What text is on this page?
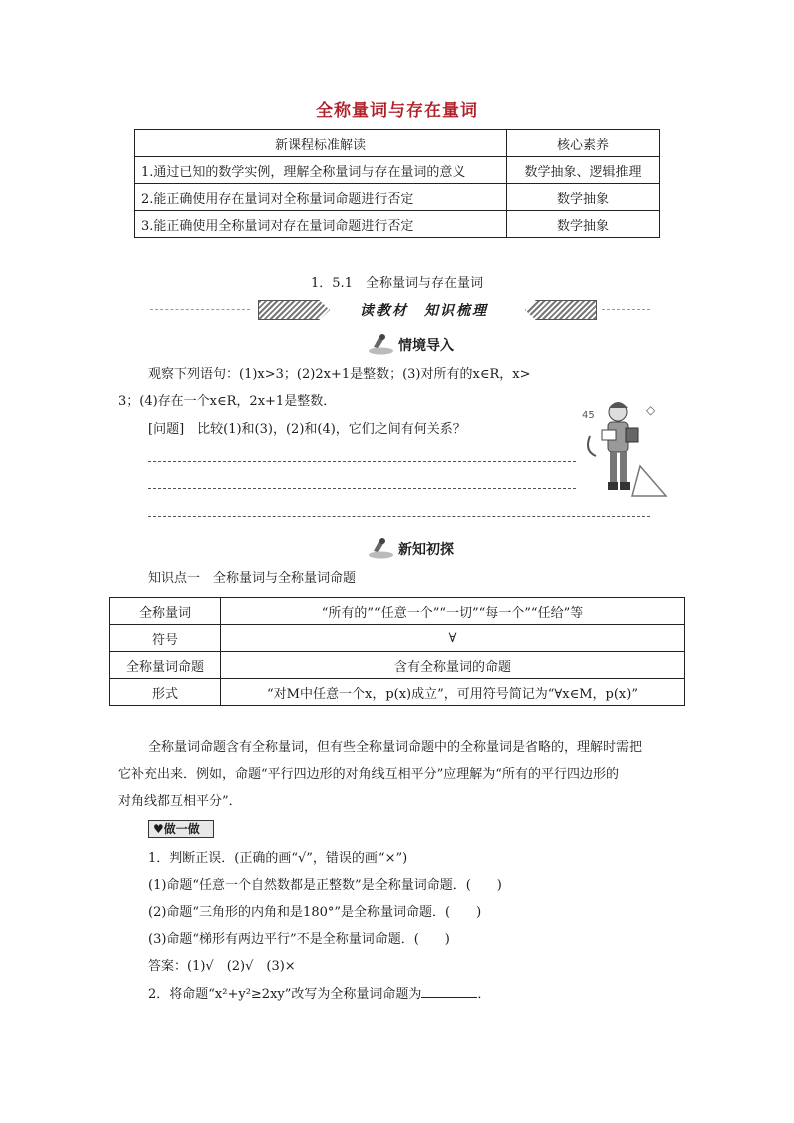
全称量词与存在量词
新课程标准解读	核心素养
1.通过已知的数学实例，理解全称量词与存在量词的意义	数学抽象、逻辑推理
2.能正确使用存在量词对全称量词命题进行否定	数学抽象
3.能正确使用全称量词对存在量词命题进行否定	数学抽象
1．5.1　全称量词与存在量词
读教材　知识梳理
情境导入
观察下列语句：(1)x>3；(2)2x+1是整数；(3)对所有的x∈R，x>
3；(4)存在一个x∈R，2x+1是整数．
[问题]　比较(1)和(3)，(2)和(4)，它们之间有何关系？
45	◇
新知初探
知识点一　全称量词与全称量词命题
全称量词	“所有的”“任意一个”“一切”“每一个”“任给”等
符号	∀
全称量词命题	含有全称量词的命题
形式	“对M中任意一个x，p(x)成立”，可用符号简记为“∀x∈M，p(x)”
全称量词命题含有全称量词，但有些全称量词命题中的全称量词是省略的，理解时需把
它补充出来．例如，命题“平行四边形的对角线互相平分”应理解为“所有的平行四边形的
对角线都互相平分”．
♥做一做
1．判断正误．(正确的画“√”，错误的画“×”)
(1)命题“任意一个自然数都是正整数”是全称量词命题．(　　)
(2)命题“三角形的内角和是180°”是全称量词命题．(　　)
(3)命题“梯形有两边平行”不是全称量词命题．(　　)
答案：(1)√　(2)√　(3)×
2．将命题“x²+y²≥2xy”改写为全称量词命题为	．
